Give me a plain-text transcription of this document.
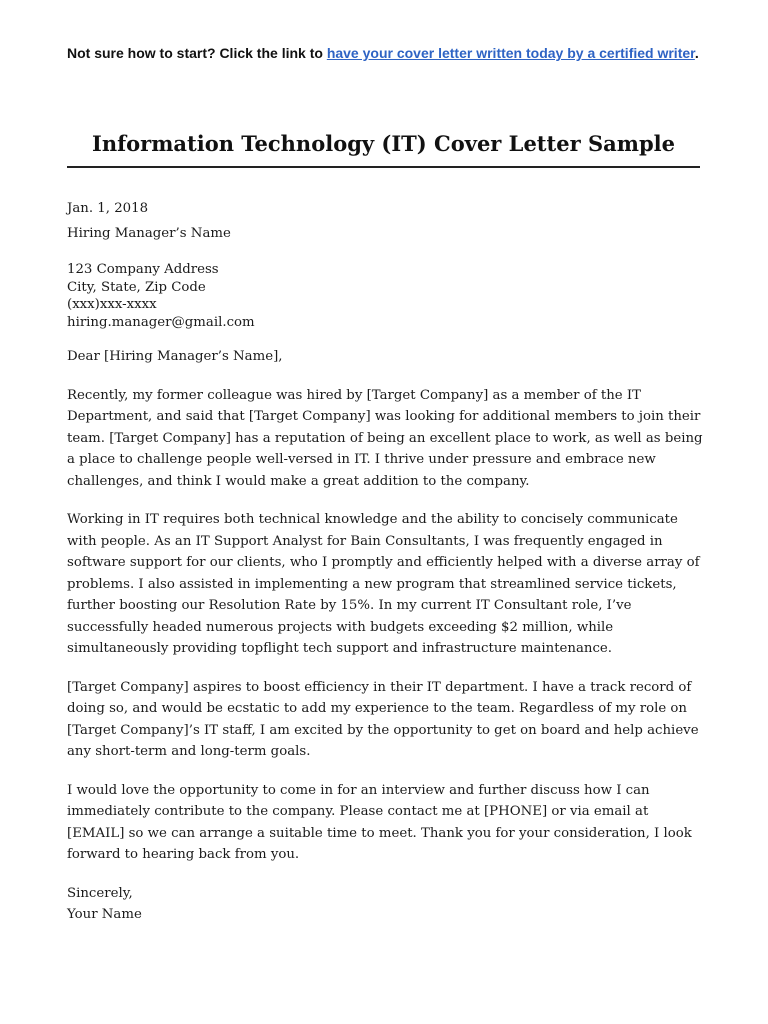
Not sure how to start? Click the link to have your cover letter written today by a certified writer.
Information Technology (IT) Cover Letter Sample

Jan. 1, 2018

Hiring Manager’s Name

123 Company Address
City, State, Zip Code
(xxx)xxx-xxxx
hiring.manager@gmail.com

Dear [Hiring Manager’s Name],

Recently, my former colleague was hired by [Target Company] as a member of the IT Department, and said that [Target Company] was looking for additional members to join their team. [Target Company] has a reputation of being an excellent place to work, as well as being a place to challenge people well-versed in IT. I thrive under pressure and embrace new challenges, and think I would make a great addition to the company.

Working in IT requires both technical knowledge and the ability to concisely communicate with people. As an IT Support Analyst for Bain Consultants, I was frequently engaged in software support for our clients, who I promptly and efficiently helped with a diverse array of problems. I also assisted in implementing a new program that streamlined service tickets, further boosting our Resolution Rate by 15%. In my current IT Consultant role, I’ve successfully headed numerous projects with budgets exceeding $2 million, while simultaneously providing topflight tech support and infrastructure maintenance.

[Target Company] aspires to boost efficiency in their IT department. I have a track record of doing so, and would be ecstatic to add my experience to the team. Regardless of my role on [Target Company]’s IT staff, I am excited by the opportunity to get on board and help achieve any short-term and long-term goals.

I would love the opportunity to come in for an interview and further discuss how I can immediately contribute to the company. Please contact me at [PHONE] or via email at [EMAIL] so we can arrange a suitable time to meet. Thank you for your consideration, I look forward to hearing back from you.

Sincerely,

Your Name
